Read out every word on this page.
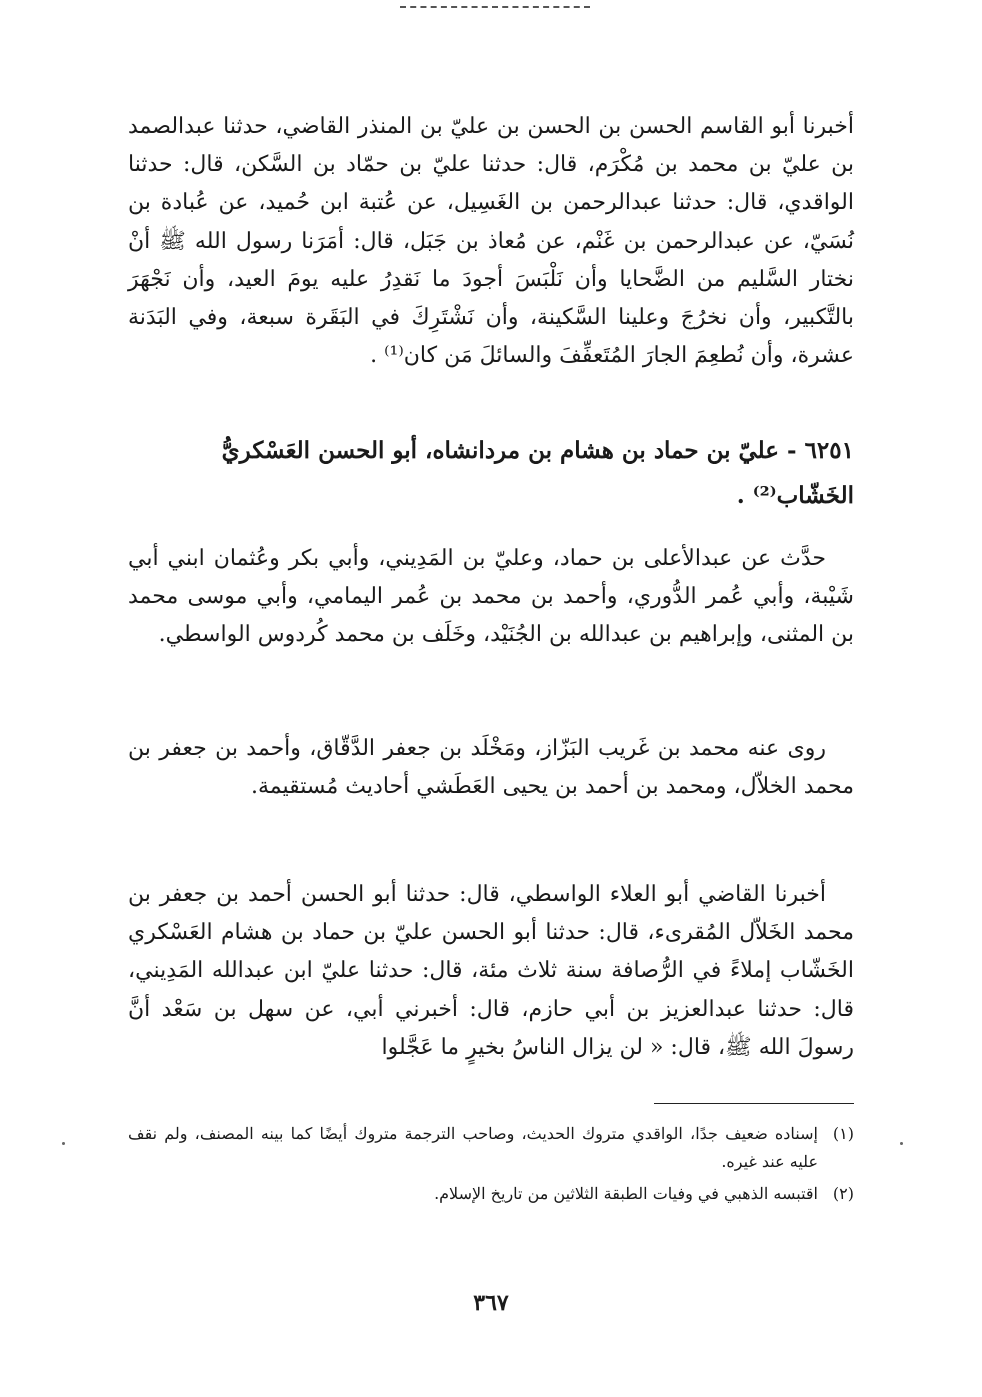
أخبرنا أبو القاسم الحسن بن الحسن بن عليّ بن المنذر القاضي، حدثنا عبدالصمد بن عليّ بن محمد بن مُكْرَم، قال: حدثنا عليّ بن حمّاد بن السَّكن، قال: حدثنا الواقدي، قال: حدثنا عبدالرحمن بن الغَسِيل، عن عُتبة ابن حُميد، عن عُبادة بن نُسَيّ، عن عبدالرحمن بن غَنْم، عن مُعاذ بن جَبَل، قال: أمَرَنا رسول الله ﷺ أنْ نختار السَّليم من الضَّحايا وأن نَلْبَسَ أجودَ ما نَقدِرُ عليه يومَ العيد، وأن نَجْهَرَ بالتَّكبير، وأن نخرُجَ وعلينا السَّكينة، وأن نَشْتَرِكَ في البَقَرة سبعة، وفي البَدَنة عشرة، وأن نُطعِمَ الجارَ المُتَعفِّفَ والسائلَ مَن كان⁽¹⁾ .

٦٢٥١ - عليّ بن حماد بن هشام بن مردانشاه، أبو الحسن العَسْكريُّ الخَشّاب⁽²⁾ .

حدَّث عن عبدالأعلى بن حماد، وعليّ بن المَدِيني، وأبي بكر وعُثمان ابني أبي شَيْبة، وأبي عُمر الدُّوري، وأحمد بن محمد بن عُمر اليمامي، وأبي موسى محمد بن المثنى، وإبراهيم بن عبدالله بن الجُنَيْد، وخَلَف بن محمد كُردوس الواسطي.

روى عنه محمد بن غَريب البَزّاز، ومَخْلَد بن جعفر الدَّقّاق، وأحمد بن جعفر بن محمد الخلاّل، ومحمد بن أحمد بن يحيى العَطَشي أحاديث مُستقيمة.

أخبرنا القاضي أبو العلاء الواسطي، قال: حدثنا أبو الحسن أحمد بن جعفر بن محمد الخَلاّل المُقرىء، قال: حدثنا أبو الحسن عليّ بن حماد بن هشام العَسْكري الخَشّاب إملاءً في الرُّصافة سنة ثلاث مئة، قال: حدثنا عليّ ابن عبدالله المَدِيني، قال: حدثنا عبدالعزيز بن أبي حازم، قال: أخبرني أبي، عن سهل بن سَعْد أنَّ رسولَ الله ﷺ، قال: « لن يزال الناسُ بخيرٍ ما عَجَّلوا

(١)
إسناده ضعيف جدًا، الواقدي متروك الحديث، وصاحب الترجمة متروك أيضًا كما بينه المصنف، ولم نقف عليه عند غيره.
(٢)
اقتبسه الذهبي في وفيات الطبقة الثلاثين من تاريخ الإسلام.
٣٦٧
